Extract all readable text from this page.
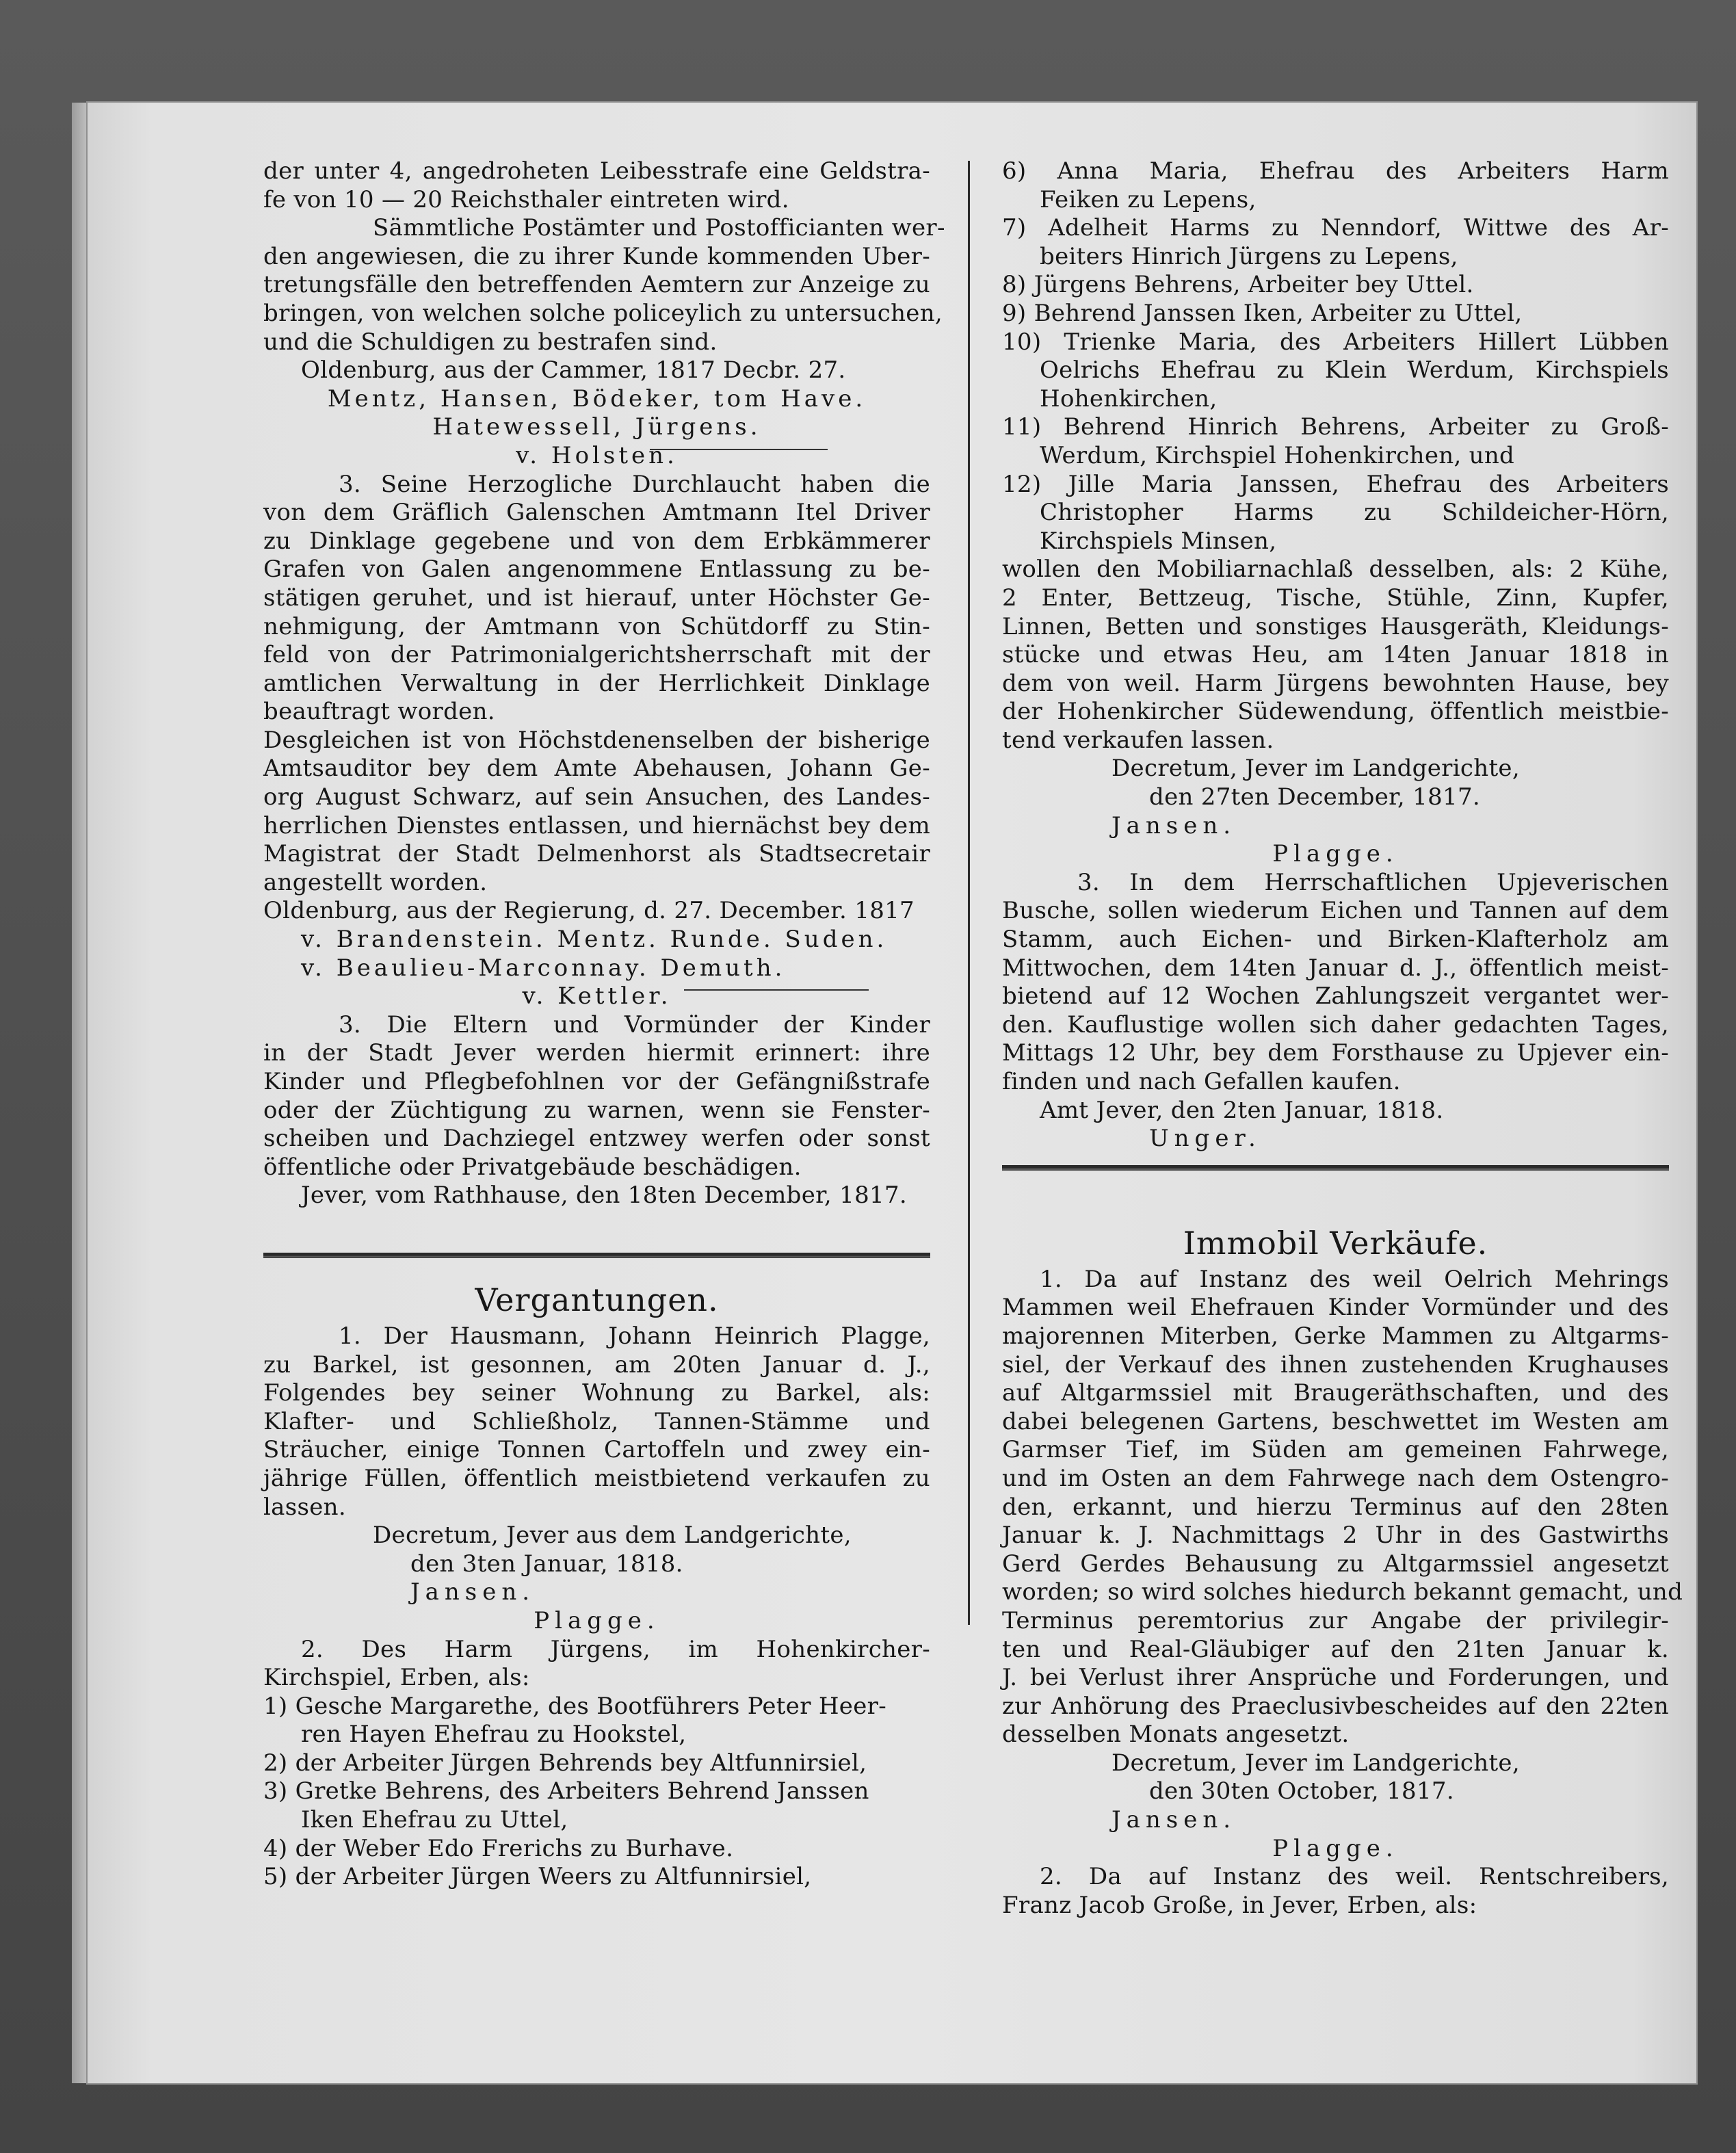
der unter 4, angedroheten Leibesstrafe eine Geldstra-
fe von 10 — 20 Reichsthaler eintreten wird.
Sämmtliche Postämter und Postofficianten wer-
den angewiesen, die zu ihrer Kunde kommenden Uber-
tretungsfälle den betreffenden Aemtern zur Anzeige zu
bringen, von welchen solche policeylich zu untersuchen,
und die Schuldigen zu bestrafen sind.
Oldenburg, aus der Cammer, 1817 Decbr. 27.
Mentz, Hansen, Bödeker, tom Have.
Hatewessell, Jürgens.
v. Holsten.
3. Seine Herzogliche Durchlaucht haben die
von dem Gräflich Galenschen Amtmann Itel Driver
zu Dinklage gegebene und von dem Erbkämmerer
Grafen von Galen angenommene Entlassung zu be-
stätigen geruhet, und ist hierauf, unter Höchster Ge-
nehmigung, der Amtmann von Schütdorff zu Stin-
feld von der Patrimonialgerichtsherrschaft mit der
amtlichen Verwaltung in der Herrlichkeit Dinklage
beauftragt worden.
Desgleichen ist von Höchstdenenselben der bisherige
Amtsauditor bey dem Amte Abehausen, Johann Ge-
org August Schwarz, auf sein Ansuchen, des Landes-
herrlichen Dienstes entlassen, und hiernächst bey dem
Magistrat der Stadt Delmenhorst als Stadtsecretair
angestellt worden.
Oldenburg, aus der Regierung, d. 27. December. 1817
v. Brandenstein. Mentz. Runde. Suden.
v. Beaulieu-Marconnay. Demuth.
v. Kettler.
3. Die Eltern und Vormünder der Kinder
in der Stadt Jever werden hiermit erinnert: ihre
Kinder und Pflegbefohlnen vor der Gefängnißstrafe
oder der Züchtigung zu warnen, wenn sie Fenster-
scheiben und Dachziegel entzwey werfen oder sonst
öffentliche oder Privatgebäude beschädigen.
Jever, vom Rathhause, den 18ten December, 1817.
Vergantungen.
1. Der Hausmann, Johann Heinrich Plagge,
zu Barkel, ist gesonnen, am 20ten Januar d. J.,
Folgendes bey seiner Wohnung zu Barkel, als:
Klafter- und Schließholz, Tannen-Stämme und
Sträucher, einige Tonnen Cartoffeln und zwey ein-
jährige Füllen, öffentlich meistbietend verkaufen zu
lassen.
Decretum, Jever aus dem Landgerichte,
den 3ten Januar, 1818.
Jansen.
Plagge.
2. Des Harm Jürgens, im Hohenkircher-
Kirchspiel, Erben, als:
1) Gesche Margarethe, des Bootführers Peter Heer-
ren Hayen Ehefrau zu Hookstel,
2) der Arbeiter Jürgen Behrends bey Altfunnirsiel,
3) Gretke Behrens, des Arbeiters Behrend Janssen
Iken Ehefrau zu Uttel,
4) der Weber Edo Frerichs zu Burhave.
5) der Arbeiter Jürgen Weers zu Altfunnirsiel,
6) Anna Maria, Ehefrau des Arbeiters Harm
Feiken zu Lepens,
7) Adelheit Harms zu Nenndorf, Wittwe des Ar-
beiters Hinrich Jürgens zu Lepens,
8) Jürgens Behrens, Arbeiter bey Uttel.
9) Behrend Janssen Iken, Arbeiter zu Uttel,
10) Trienke Maria, des Arbeiters Hillert Lübben
Oelrichs Ehefrau zu Klein Werdum, Kirchspiels
Hohenkirchen,
11) Behrend Hinrich Behrens, Arbeiter zu Groß-
Werdum, Kirchspiel Hohenkirchen, und
12) Jille Maria Janssen, Ehefrau des Arbeiters
Christopher Harms zu Schildeicher-Hörn,
Kirchspiels Minsen,
wollen den Mobiliarnachlaß desselben, als: 2 Kühe,
2 Enter, Bettzeug, Tische, Stühle, Zinn, Kupfer,
Linnen, Betten und sonstiges Hausgeräth, Kleidungs-
stücke und etwas Heu, am 14ten Januar 1818 in
dem von weil. Harm Jürgens bewohnten Hause, bey
der Hohenkircher Südewendung, öffentlich meistbie-
tend verkaufen lassen.
Decretum, Jever im Landgerichte,
den 27ten December, 1817.
Jansen.
Plagge.
3. In dem Herrschaftlichen Upjeverischen
Busche, sollen wiederum Eichen und Tannen auf dem
Stamm, auch Eichen- und Birken-Klafterholz am
Mittwochen, dem 14ten Januar d. J., öffentlich meist-
bietend auf 12 Wochen Zahlungszeit vergantet wer-
den. Kauflustige wollen sich daher gedachten Tages,
Mittags 12 Uhr, bey dem Forsthause zu Upjever ein-
finden und nach Gefallen kaufen.
Amt Jever, den 2ten Januar, 1818.
Unger.
Immobil Verkäufe.
1. Da auf Instanz des weil Oelrich Mehrings
Mammen weil Ehefrauen Kinder Vormünder und des
majorennen Miterben, Gerke Mammen zu Altgarms-
siel, der Verkauf des ihnen zustehenden Krughauses
auf Altgarmssiel mit Braugeräthschaften, und des
dabei belegenen Gartens, beschwettet im Westen am
Garmser Tief, im Süden am gemeinen Fahrwege,
und im Osten an dem Fahrwege nach dem Ostengro-
den, erkannt, und hierzu Terminus auf den 28ten
Januar k. J. Nachmittags 2 Uhr in des Gastwirths
Gerd Gerdes Behausung zu Altgarmssiel angesetzt
worden; so wird solches hiedurch bekannt gemacht, und
Terminus peremtorius zur Angabe der privilegir-
ten und Real-Gläubiger auf den 21ten Januar k.
J. bei Verlust ihrer Ansprüche und Forderungen, und
zur Anhörung des Praeclusivbescheides auf den 22ten
desselben Monats angesetzt.
Decretum, Jever im Landgerichte,
den 30ten October, 1817.
Jansen.
Plagge.
2. Da auf Instanz des weil. Rentschreibers,
Franz Jacob Große, in Jever, Erben, als:
